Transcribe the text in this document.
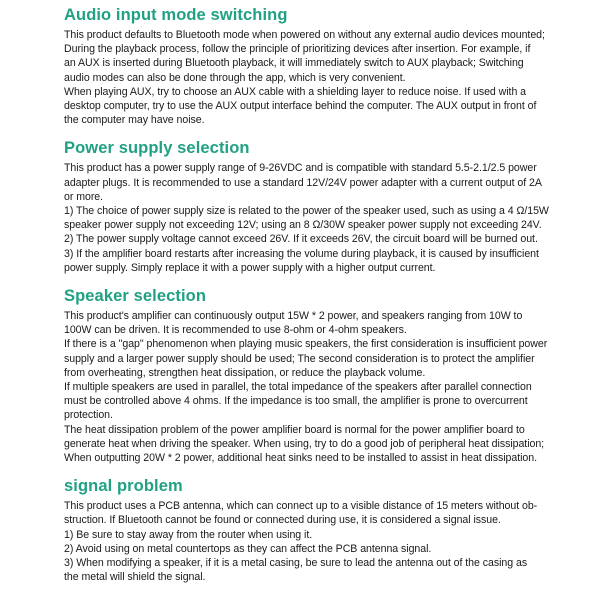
Audio input mode switching
This product defaults to Bluetooth mode when powered on without any external audio devices mounted;
During the playback process, follow the principle of prioritizing devices after insertion. For example, if
an AUX is inserted during Bluetooth playback, it will immediately switch to AUX playback; Switching
audio modes can also be done through the app, which is very convenient.
When playing AUX, try to choose an AUX cable with a shielding layer to reduce noise. If used with a
desktop computer, try to use the AUX output interface behind the computer. The AUX output in front of
the computer may have noise.
Power supply selection
This product has a power supply range of 9-26VDC and is compatible with standard 5.5-2.1/2.5 power
adapter plugs. It is recommended to use a standard 12V/24V power adapter with a current output of 2A
or more.
1) The choice of power supply size is related to the power of the speaker used, such as using a 4 Ω/15W
speaker power supply not exceeding 12V; using an 8 Ω/30W speaker power supply not exceeding 24V.
2) The power supply voltage cannot exceed 26V. If it exceeds 26V, the circuit board will be burned out.
3) If the amplifier board restarts after increasing the volume during playback, it is caused by insufficient
power supply. Simply replace it with a power supply with a higher output current.
Speaker selection
This product's amplifier can continuously output 15W * 2 power, and speakers ranging from 10W to
100W can be driven. It is recommended to use 8-ohm or 4-ohm speakers.
If there is a "gap" phenomenon when playing music speakers, the first consideration is insufficient power
supply and a larger power supply should be used; The second consideration is to protect the amplifier
from overheating, strengthen heat dissipation, or reduce the playback volume.
If multiple speakers are used in parallel, the total impedance of the speakers after parallel connection
must be controlled above 4 ohms. If the impedance is too small, the amplifier is prone to overcurrent
protection.
The heat dissipation problem of the power amplifier board is normal for the power amplifier board to
generate heat when driving the speaker. When using, try to do a good job of peripheral heat dissipation;
When outputting 20W * 2 power, additional heat sinks need to be installed to assist in heat dissipation.
signal problem
This product uses a PCB antenna, which can connect up to a visible distance of 15 meters without ob-
struction. If Bluetooth cannot be found or connected during use, it is considered a signal issue.
1) Be sure to stay away from the router when using it.
2) Avoid using on metal countertops as they can affect the PCB antenna signal.
3) When modifying a speaker, if it is a metal casing, be sure to lead the antenna out of the casing as
the metal will shield the signal.
